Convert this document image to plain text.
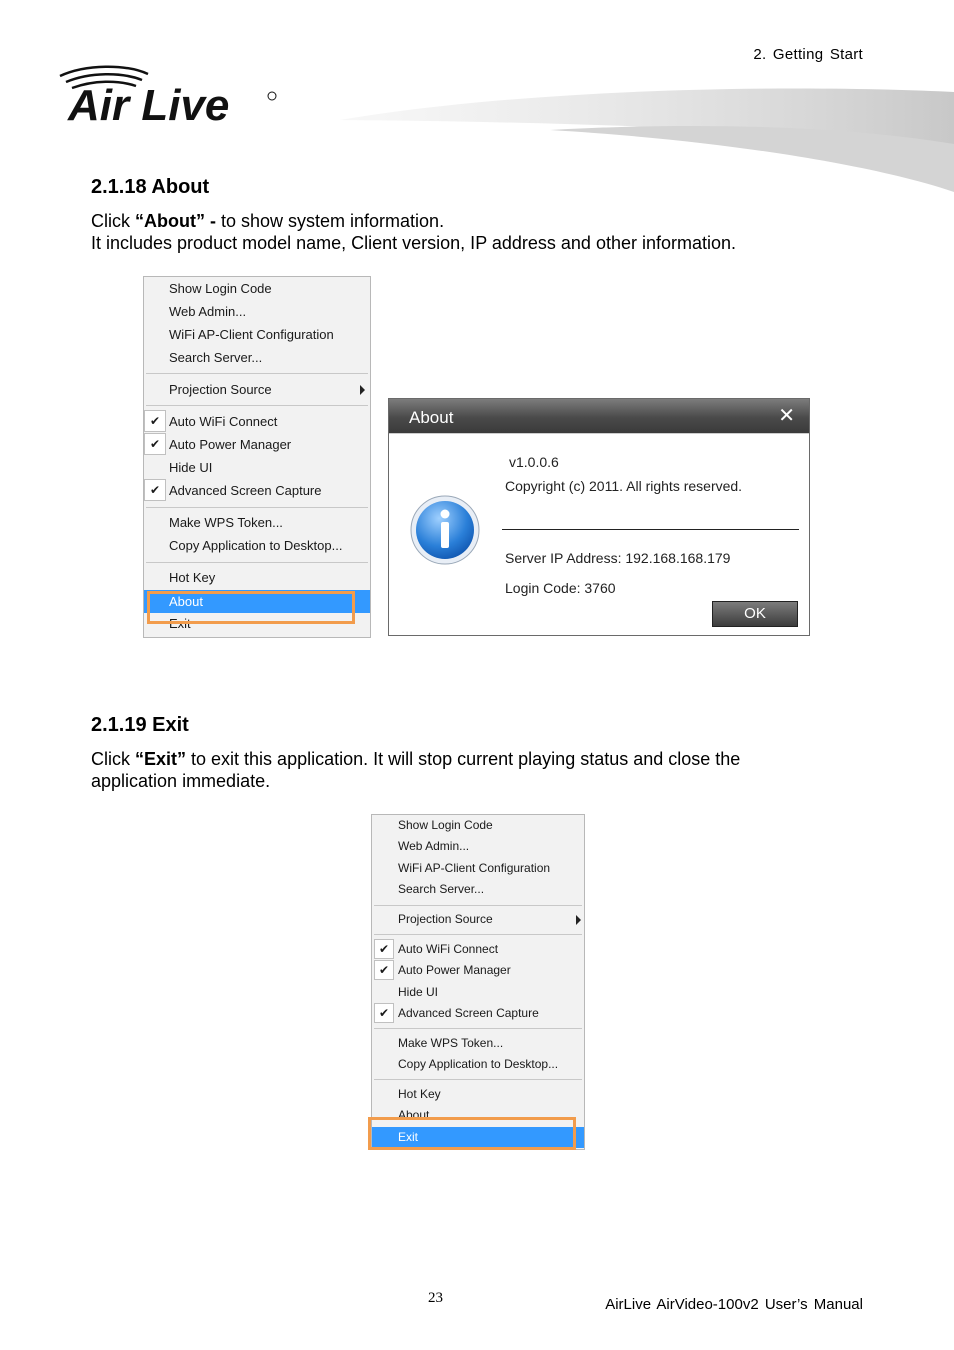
2. Getting Start
Air Live
2.1.18 About
Click “About” - to show system information.
It includes product model name, Client version, IP address and other information.
Show Login Code
Web Admin...
WiFi AP-Client Configuration
Search Server...
Projection Source
✔ Auto WiFi Connect
✔ Auto Power Manager
Hide UI
✔ Advanced Screen Capture
Make WPS Token...
Copy Application to Desktop...
Hot Key
About
Exit
About	✕
v1.0.0.6
Copyright (c) 2011. All rights reserved.
Server IP Address: 192.168.168.179
Login Code: 3760
OK
2.1.19 Exit
Click “Exit” to exit this application. It will stop current playing status and close the
application immediate.
Show Login Code
Web Admin...
WiFi AP-Client Configuration
Search Server...
Projection Source
✔ Auto WiFi Connect
✔ Auto Power Manager
Hide UI
✔ Advanced Screen Capture
Make WPS Token...
Copy Application to Desktop...
Hot Key
About
Exit
23	AirLive AirVideo-100v2 User’s Manual
